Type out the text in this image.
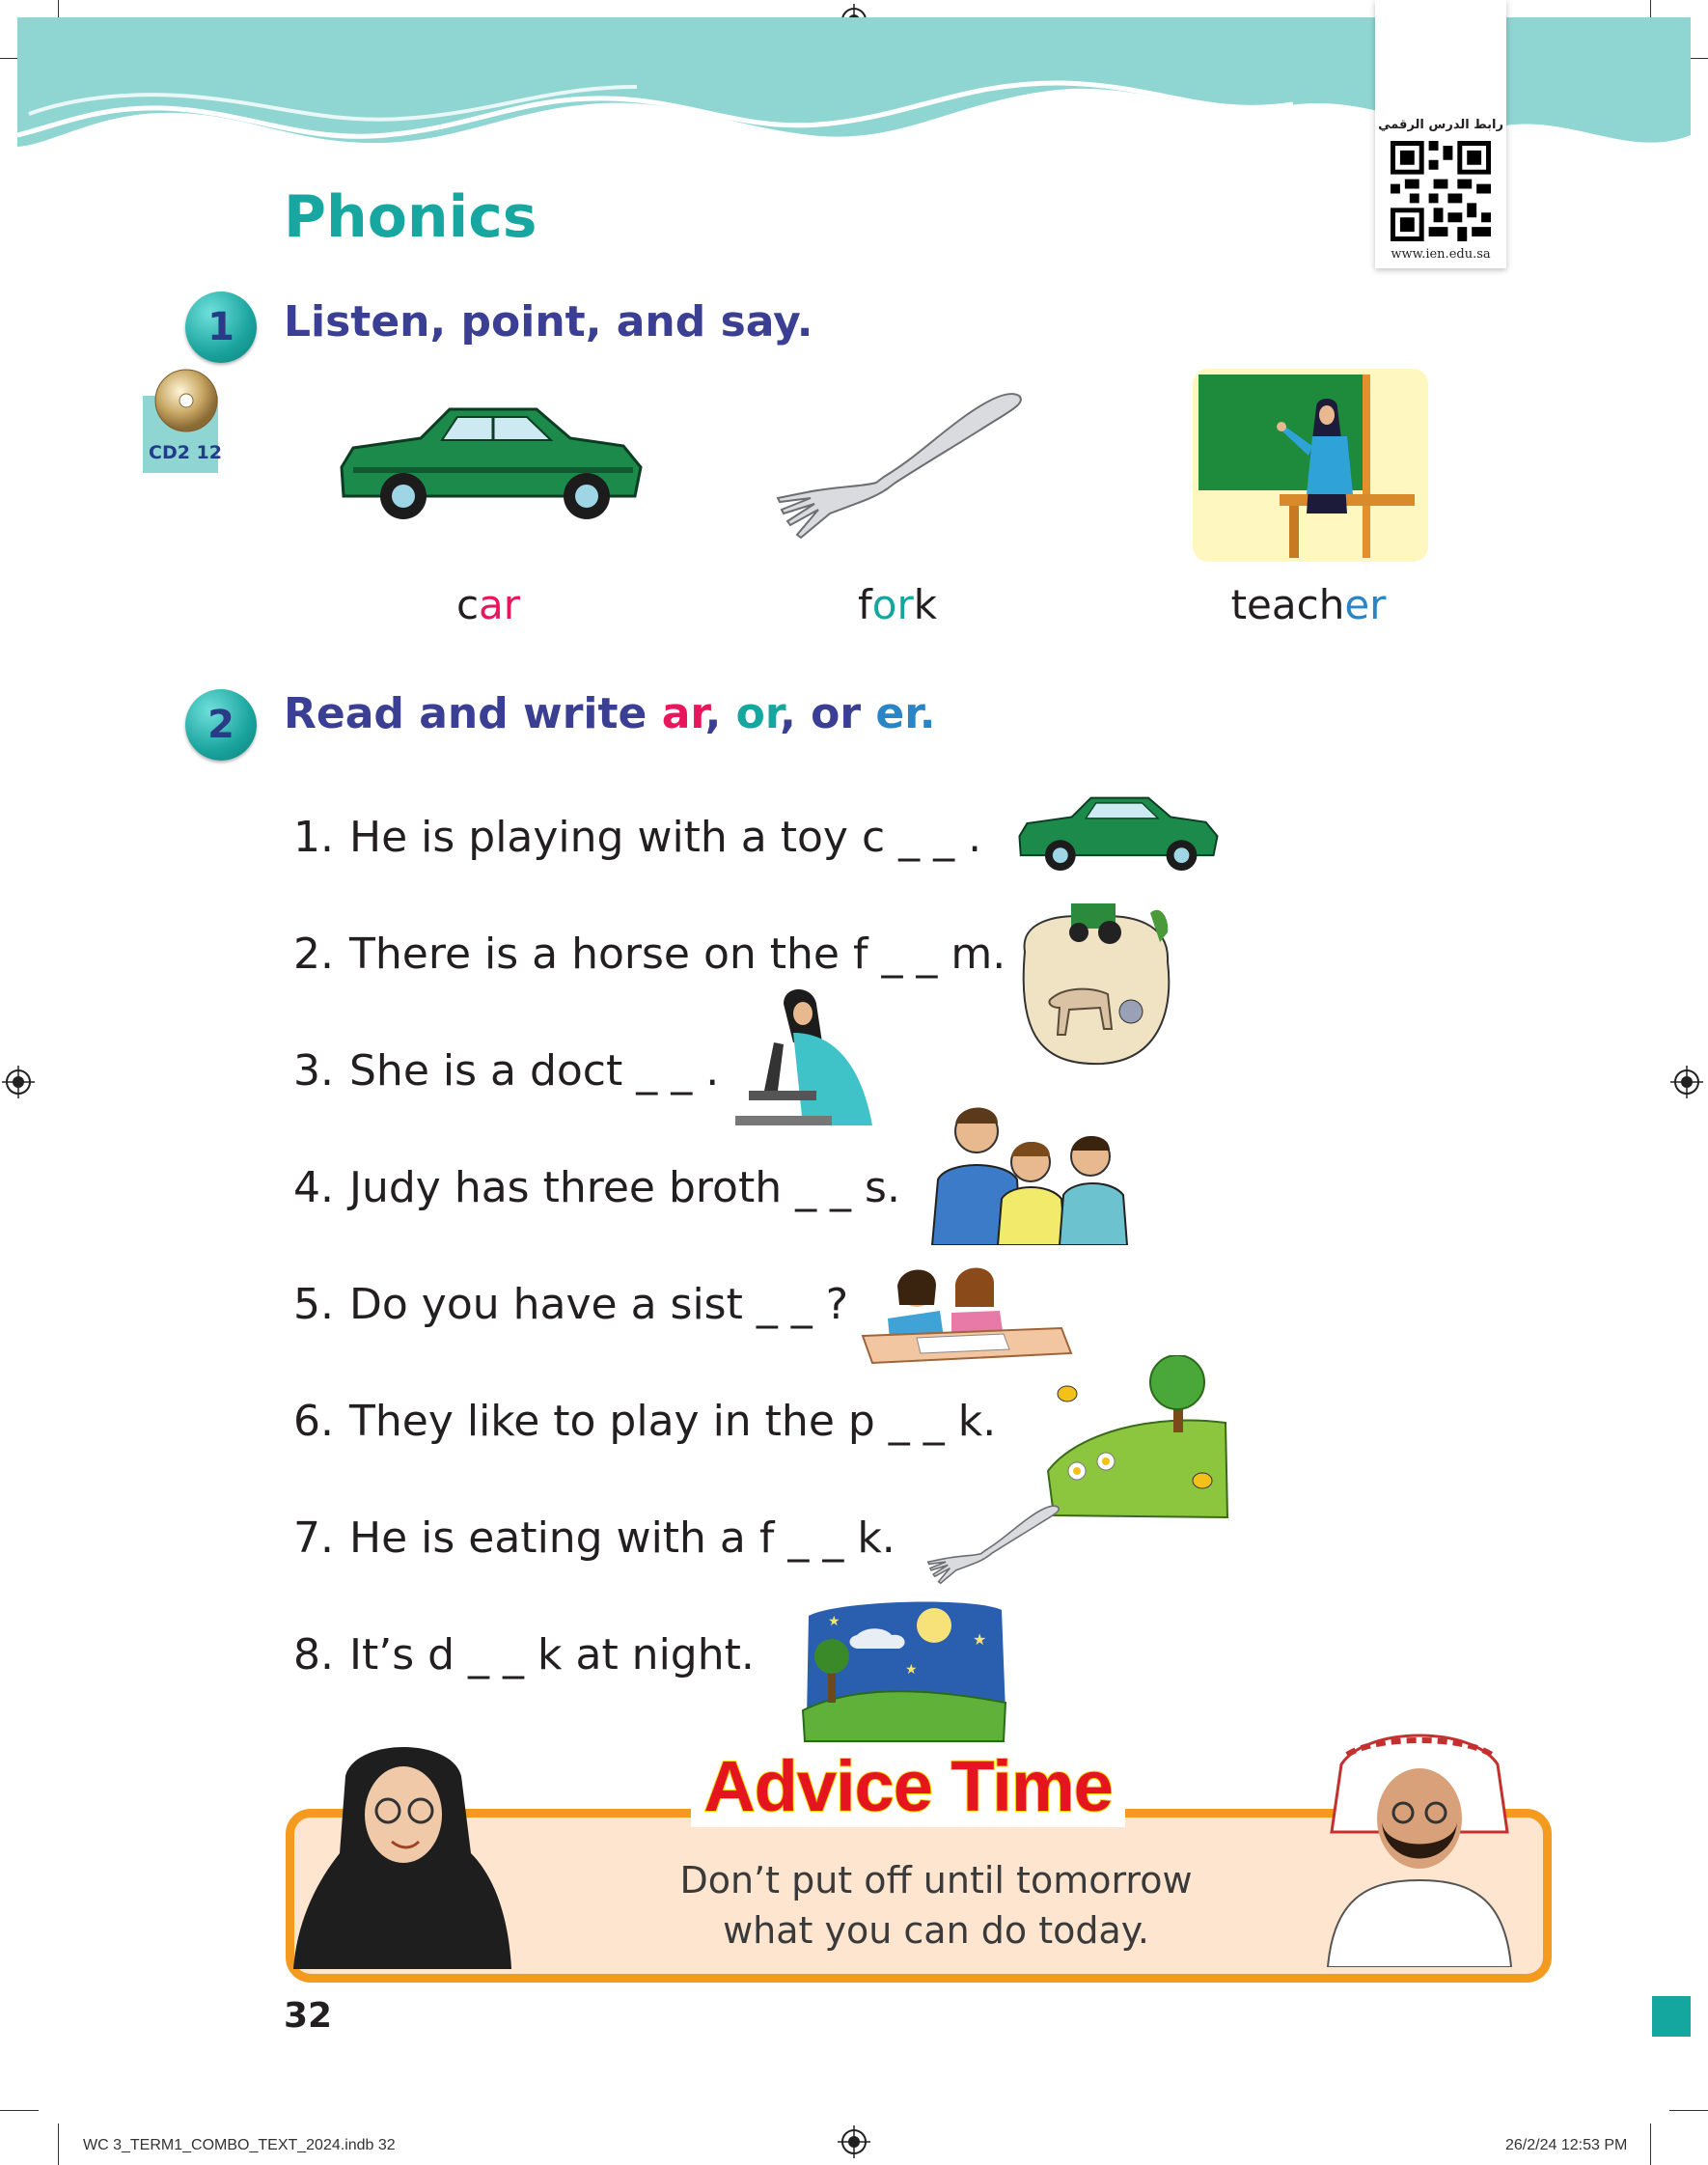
رابط الدرس الرقمي
www.ien.edu.sa
Phonics
1	Listen, point, and say.
CD2 12
car	fork	teacher
2	Read and write ar, or, or er.
1. He is playing with a toy c _ _ .
2. There is a horse on the f _ _ m.
3. She is a doct _ _ .
4. Judy has three broth _ _ s.
5. Do you have a sist _ _ ?
6. They like to play in the p _ _ k.
7. He is eating with a f _ _ k.
8. It’s d _ _ k at night.	★
★
★
Advice Time
Don’t put off until tomorrow
what you can do today.
32
WC 3_TERM1_COMBO_TEXT_2024.indb 32	26/2/24 12:53 PM
